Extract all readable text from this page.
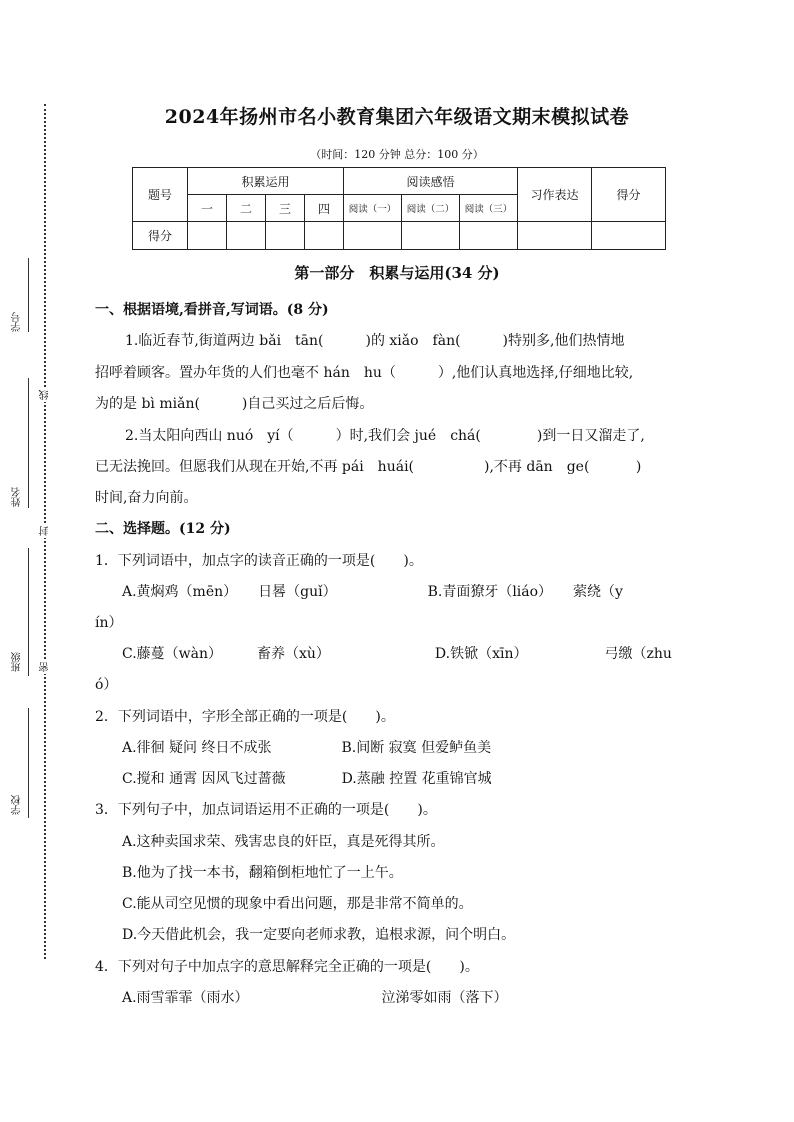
学号
线
姓名
封
班级 密
学校
2024年扬州市名小教育集团六年级语文期末模拟试卷
（时间：120 分钟 总分：100 分）
题号	积累运用				阅读感悟			习作表达	得分
	一	二	三	四	阅读（一）	阅读（二）	阅读（三）		
得分									
第一部分　积累与运用(34 分)
一、根据语境,看拼音,写词语。(8 分)
1.临近春节,街道两边 bǎi　tān(　　　)的 xiǎo　fàn(　　　)特别多,他们热情地
招呼着顾客。置办年货的人们也毫不 hán　hu（　　　）,他们认真地选择,仔细地比较,
为的是 bì miǎn(　　　)自己买过之后后悔。
2.当太阳向西山 nuó　yí（　　　）时,我们会 jué　chá(　　　　)到一日又溜走了,
已无法挽回。但愿我们从现在开始,不再 pái　huái(　　　　　),不再 dān　ge(　　　 )
时间,奋力向前。
二、选择题。(12 分)
1．下列词语中，加点字的读音正确的一项是(　　)。
A.黄焖鸡（mēn）　　日晷（guǐ）　　　　　　　B.青面獠牙（liáo）　　萦绕（y
ín）
C.藤蔓（wàn）　　　畜养（xù）　　　　　　　　D.铁锨（xīn）　　　　　　弓缴（zhu
ó）
2．下列词语中，字形全部正确的一项是(　　)。
A.徘徊 疑问 终日不成张　　　　　B.间断 寂寞 但爱鲈鱼美
C.搅和 通霄 因风飞过蔷薇　　　　D.蒸融 控置 花重锦官城
3．下列句子中，加点词语运用不正确的一项是(　　)。
A.这种卖国求荣、残害忠良的奸臣，真是死得其所。
B.他为了找一本书，翻箱倒柜地忙了一上午。
C.能从司空见惯的现象中看出问题，那是非常不简单的。
D.今天借此机会，我一定要向老师求教，追根求源，问个明白。
4．下列对句子中加点字的意思解释完全正确的一项是(　　)。
A.雨雪霏霏（雨水）　　　　　　　　　　泣涕零如雨（落下）
